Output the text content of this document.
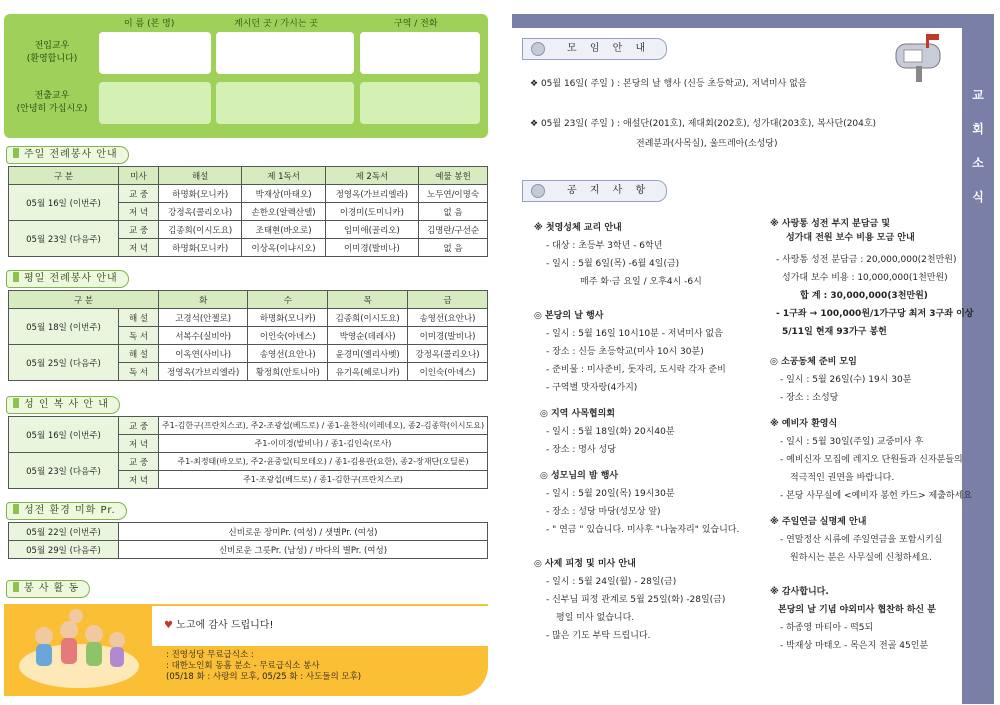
이 름 (본 명)	계시던 곳 / 가시는 곳	구역 / 전화
전입교우
(환영합니다)
전출교우
(안녕히 가십시오)
주일 전례봉사 안내
구 분	미사	해설	제 1독서	제 2독서	예물 봉헌
05월 16일 (이번주)	교 중	하명화(모니카)	박재상(마태오)	정영옥(가브리엘라)	노두연/이명숙
	저 녁	강정옥(콜리오나)	손한오(알렉산델)	이경미(도미니카)	없 음
05월 23일 (다음주)	교 중	김종희(이시도요)	조태현(바오로)	임미애(골리오)	김명란/구선순
	저 녁	하명화(모니카)	이상옥(이냐시오)	이미경(발비나)	없 음
평일 전례봉사 안내
구 분		화	수	목	금
05월 18일 (이번주)	해 설	고경석(안젤로)	하명화(모니카)	김종희(이시도요)	송영선(요안나)
	독 서	서복수(실비아)	이인숙(아녜스)	박영순(데레사)	이미경(발비나)
05월 25일 (다음주)	해 설	이옥연(사비나)	송영선(요안나)	윤경미(엘리사벳)	강정옥(콜리오나)
	독 서	정영옥(가브리엘라)	황정희(안토니아)	유기옥(헤로니카)	이인숙(아녜스)
성 인 복 사 안 내
05월 16일 (이번주)	교 중	주1-김한구(프란치스코), 주2-조광섭(베드로) / 종1-윤찬식(이레네오), 종2-김종학(이시도요)
	저 녁	주1-이미경(발비나) / 종1-김인숙(로사)
05월 23일 (다음주)	교 중	주1-최정태(바오로), 주2-윤중일(티모테오) / 종1-김용관(요한), 종2-장재단(오딜론)
	저 녁	주1-조광섭(베드로) / 종1-김한구(프란치스코)
성전 환경 미화 Pr.
05월 22일 (이번주)	신비로운 장미Pr. (여성) / 샛별Pr. (여성)
05월 29일 (다음주)	신비로운 그릇Pr. (남성) / 바다의 별Pr. (여성)
봉 사 활 동
♥ 노고에 감사 드립니다!
: 진영성당 무료급식소 :
: 대한노인회 동흠 분소 - 무료급식소 봉사
(05/18 화 : 사랑의 모후, 05/25 화 : 사도들의 모후)
교
회
소
식
모 임 안 내
❖ 05월 16일( 주일 ) : 본당의 날 행사 (신등 초등학교), 저녁미사 없음
❖ 05월 23일( 주일 ) : 애설단(201호), 제대회(202호), 성가대(203호), 복사단(204호)
전례분과(사목실), 울뜨레아(소성당)
공 지 사 항
※ 첫영성체 교리 안내
- 대상 : 초등부 3학년 - 6학년
- 일시 : 5월 6일(목) -6월 4일(금)
매주 화·금 요일 / 오후4시 -6시
◎ 본당의 날 행사
- 일시 : 5월 16일 10시10분 - 저녁미사 없음
- 장소 : 신등 초등학교(미사 10시 30분)
- 준비물 : 미사준비, 돗자리, 도시락 각자 준비
- 구역별 맛자랑(4가지)
◎ 지역 사목협의회
- 일시 : 5월 18일(화) 20시40분
- 장소 : 명사 성당
◎ 성모님의 밤 행사
- 일시 : 5월 20일(목) 19시30분
- 장소 : 성당 마당(성모상 앞)
- " 연금 " 있습니다. 미사후 "나눔자리" 있습니다.
◎ 사제 피정 및 미사 안내
- 일시 : 5월 24일(월) - 28일(금)
- 신부님 피정 관계로 5월 25일(화) -28일(금)
평일 미사 없습니다.
- 많은 기도 부탁 드립니다.
※ 사랑통 성전 부지 분담금 및
성가대 전원 보수 비용 모금 안내
- 사랑통 성전 분담금 : 20,000,000(2천만원)
성가대 보수 비용 : 10,000,000(1천만원)
합 계 : 30,000,000(3천만원)
- 1구좌 → 100,000원/1가구당 최저 3구좌 이상
5/11일 현재 93가구 봉헌
◎ 소공동체 준비 모임
- 일시 : 5월 26일(수) 19시 30분
- 장소 : 소성당
※ 예비자 환영식
- 일시 : 5월 30일(주일) 교중미사 후
- 예비신자 모집에 레지오 단원들과 신자분들의
적극적인 권면을 바랍니다.
- 본당 사무실에 <예비자 봉헌 카드> 제출하세요
※ 주일연금 실명제 안내
- 연말정산 시류에 주일연금을 포함시키실
원하시는 분은 사무실에 신청하세요.
※ 감사합니다.
본당의 날 기념 야외미사 협찬하 하신 분
- 하종영 마티아 - 떡5되
- 박재상 마태오 - 목은지 전골 45인분
